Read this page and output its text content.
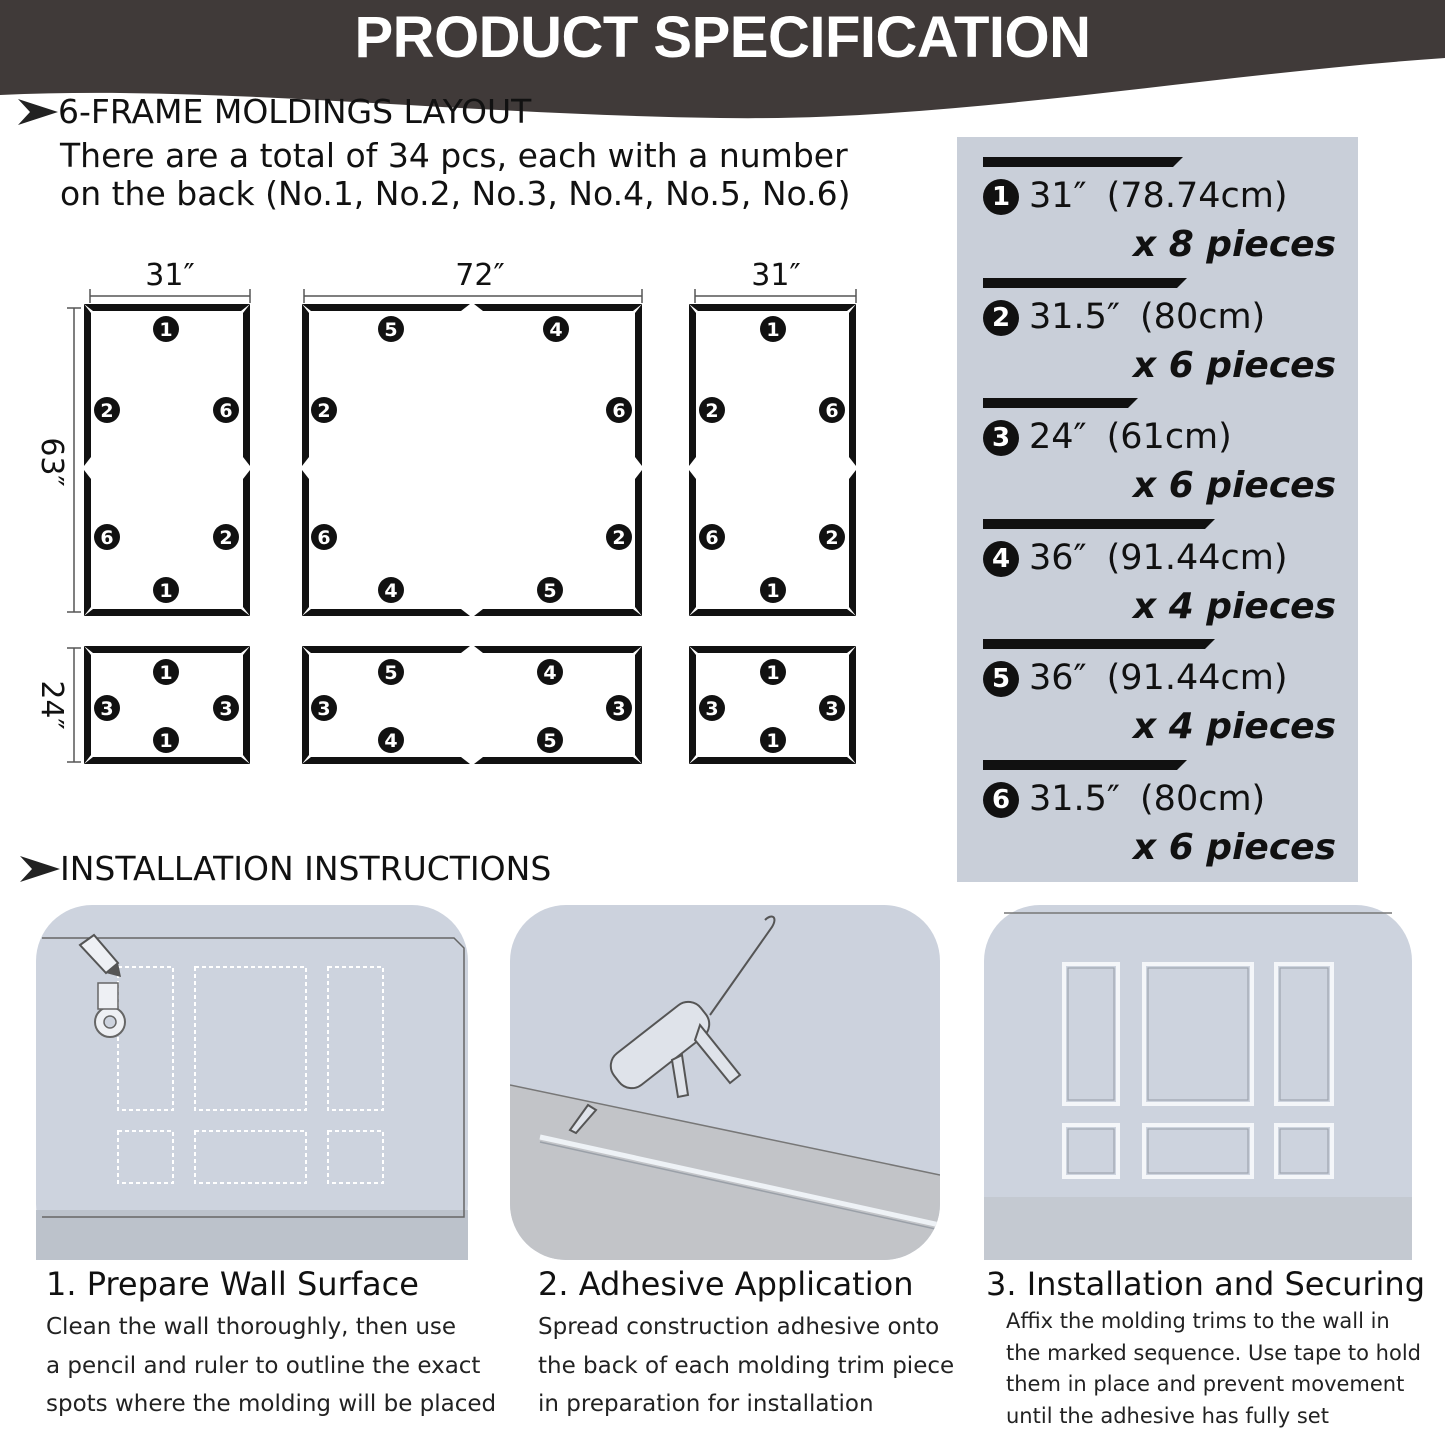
PRODUCT SPECIFICATION
6-FRAME MOLDINGS LAYOUT
There are a total of 34 pcs, each with a number
on the back (No.1, No.2, No.3, No.4, No.5, No.6)
31″	72″	31″
63″
24″
1
2	6
6	2
1
5	4
2	6
6	2
4	5
1
2	6
6	2
1
1
3	3
1
5	4
3	3
4	5
1
3	3
1
1 31″ (78.74cm)
x 8 pieces
2 31.5″ (80cm)
x 6 pieces
3 24″ (61cm)
x 6 pieces
4 36″ (91.44cm)
x 4 pieces
5 36″ (91.44cm)
x 4 pieces
6 31.5″ (80cm)
x 6 pieces
INSTALLATION INSTRUCTIONS
1. Prepare Wall Surface
Clean the wall thoroughly, then use
a pencil and ruler to outline the exact
spots where the molding will be placed
2. Adhesive Application
Spread construction adhesive onto
the back of each molding trim piece
in preparation for installation
3. Installation and Securing
Affix the molding trims to the wall in
the marked sequence. Use tape to hold
them in place and prevent movement
until the adhesive has fully set
